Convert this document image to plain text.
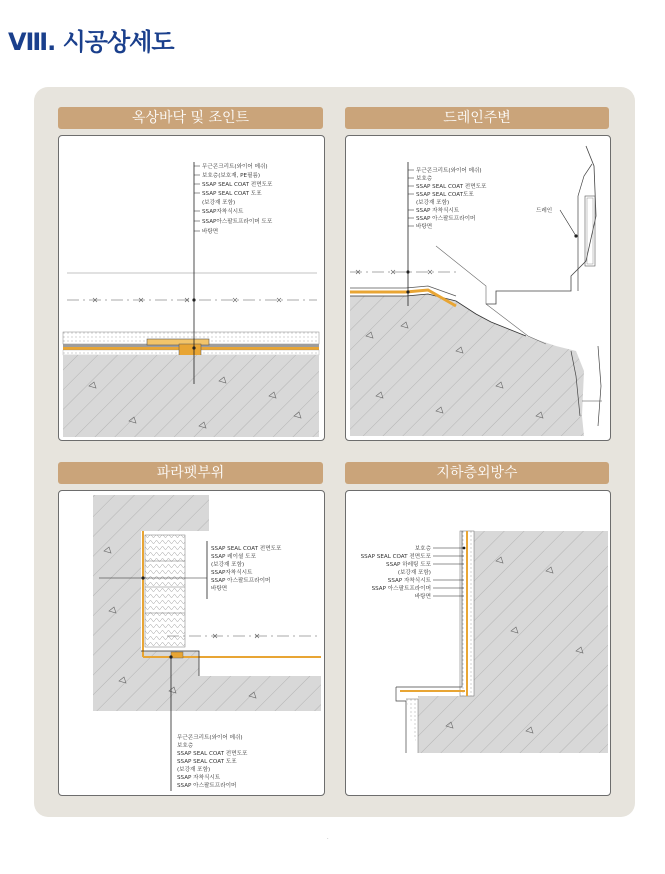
Ⅷ. 시공상세도
옥상바닥 및 조인트	드레인주변
파라펫부위	지하층외방수
무근콘크리트(와이어 메쉬)
보호층(보호재, PE필름)
SSAP SEAL COAT 전면도포
SSAP SEAL COAT 도포
(보강재 포함)
SSAP자착식시트
SSAP아스팔트프라이머 도포
바탕면
무근콘크리트(와이어 메쉬)
보호층
SSAP SEAL COAT 전면도포
SSAP SEAL COAT도포
(보강재 포함)
SSAP 자착식시트
SSAP 아스팔트프라이머
바탕면
드레인
SSAP SEAL COAT 전면도포
SSAP 레이셜 도포
(보강재 포함)
SSAP자착식시트
SSAP 아스팔트프라이머
바탕면
무근콘크리트(와이어 메쉬)
보호층
SSAP SEAL COAT 전면도포
SSAP SEAL COAT 도포
(보강재 포함)
SSAP 자착식시트
SSAP 아스팔트프라이머
보호층
SSAP SEAL COAT 전면도포
SSAP 하레팅 도포
(보강재 포함)
SSAP 자착식시트
SSAP 아스팔트프라이머
바탕면
·
